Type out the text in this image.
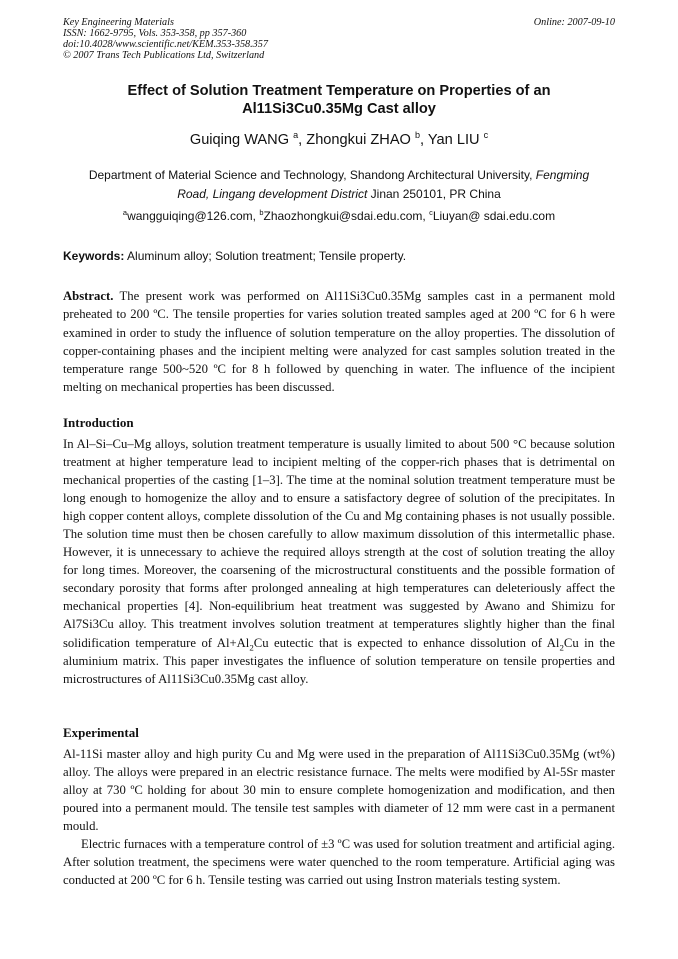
Key Engineering Materials
ISSN: 1662-9795, Vols. 353-358, pp 357-360
doi:10.4028/www.scientific.net/KEM.353-358.357
© 2007 Trans Tech Publications Ltd, Switzerland
Online: 2007-09-10
Effect of Solution Treatment Temperature on Properties of an
Al11Si3Cu0.35Mg Cast alloy
Guiqing WANG $^a$, Zhongkui ZHAO $^b$, Yan LIU $^c$
Department of Material Science and Technology, Shandong Architectural University, Fengming
Road, Lingang development District Jinan 250101, PR China
$^a$wangguiqing@126.com, $^b$Zhaozhongkui@sdai.edu.com, $^c$Liuyan@ sdai.edu.com
Keywords: Aluminum alloy; Solution treatment; Tensile property.
Abstract. The present work was performed on Al11Si3Cu0.35Mg samples cast in a permanent mold preheated to 200 ºC. The tensile properties for varies solution treated samples aged at 200 ºC for 6 h were examined in order to study the influence of solution temperature on the alloy properties. The dissolution of copper-containing phases and the incipient melting were analyzed for cast samples solution treated in the temperature range 500~520 ºC for 8 h followed by quenching in water. The influence of the incipient melting on mechanical properties has been discussed.
Introduction
In Al–Si–Cu–Mg alloys, solution treatment temperature is usually limited to about 500 °C because solution treatment at higher temperature lead to incipient melting of the copper-rich phases that is detrimental on mechanical properties of the casting [1–3]. The time at the nominal solution treatment temperature must be long enough to homogenize the alloy and to ensure a satisfactory degree of solution of the precipitates. In high copper content alloys, complete dissolution of the Cu and Mg containing phases is not usually possible. The solution time must then be chosen carefully to allow maximum dissolution of this intermetallic phase. However, it is unnecessary to achieve the required alloys strength at the cost of solution treating the alloy for long times. Moreover, the coarsening of the microstructural constituents and the possible formation of secondary porosity that forms after prolonged annealing at high temperatures can deleteriously affect the mechanical properties [4]. Non-equilibrium heat treatment was suggested by Awano and Shimizu for Al7Si3Cu alloy. This treatment involves solution treatment at temperatures slightly higher than the final solidification temperature of $Al+Al_2Cu$ eutectic that is expected to enhance dissolution of $Al_2Cu$ in the aluminium matrix. This paper investigates the influence of solution temperature on tensile properties and microstructures of Al11Si3Cu0.35Mg cast alloy.
Experimental

Al-11Si master alloy and high purity Cu and Mg were used in the preparation of Al11Si3Cu0.35Mg (wt%) alloy. The alloys were prepared in an electric resistance furnace. The melts were modified by Al-5Sr master alloy at 730 ºC holding for about 30 min to ensure complete homogenization and modification, and then poured into a permanent mould. The tensile test samples with diameter of 12 mm were cast in a permanent mould.

Electric furnaces with a temperature control of ±3 ºC was used for solution treatment and artificial aging. After solution treatment, the specimens were water quenched to the room temperature. Artificial aging was conducted at 200 ºC for 6 h. Tensile testing was carried out using Instron materials testing system.
